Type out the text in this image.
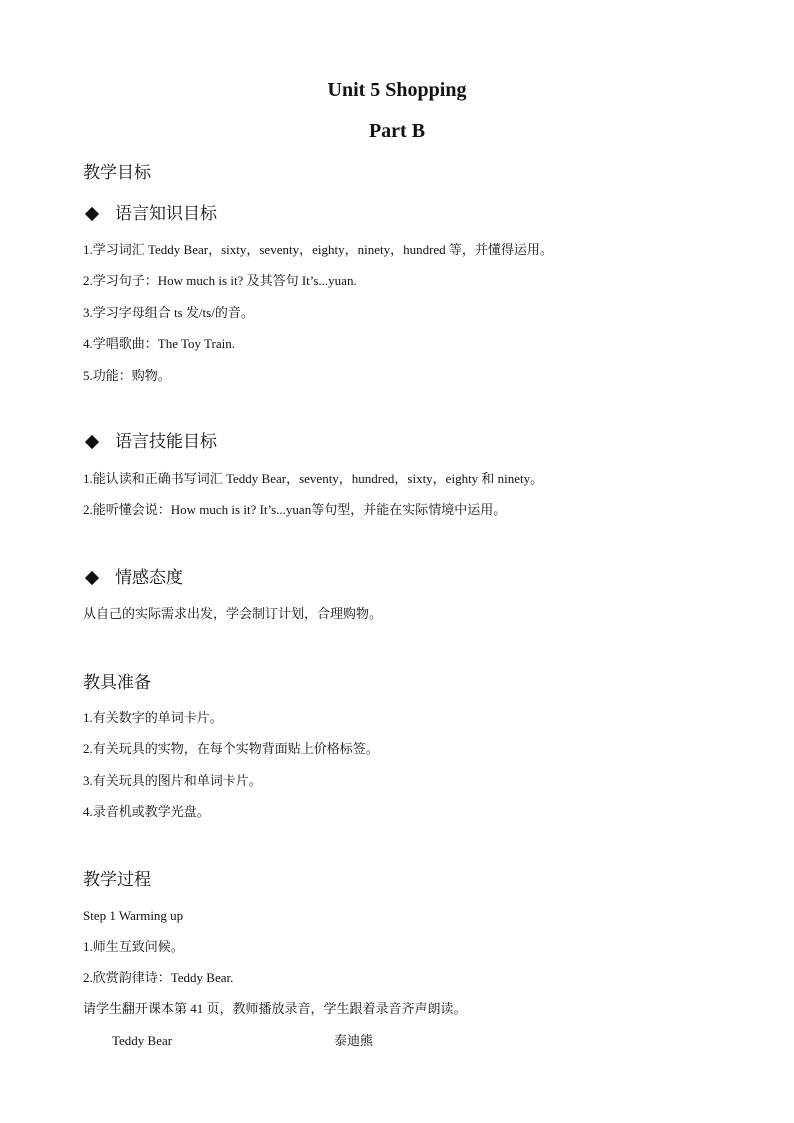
Unit 5 Shopping
Part B
教学目标
语言知识目标
1.学习词汇 Teddy Bear，sixty，seventy，eighty，ninety，hundred 等，并懂得运用。
2.学习句子：How much is it? 及其答句 It’s...yuan.
3.学习字母组合 ts 发/ts/的音。
4.学唱歌曲：The Toy Train.
5.功能：购物。
语言技能目标
1.能认读和正确书写词汇 Teddy Bear，seventy，hundred，sixty，eighty 和 ninety。
2.能听懂会说：How much is it? It’s...yuan等句型，并能在实际情境中运用。
情感态度
从自己的实际需求出发，学会制订计划，合理购物。
教具准备
1.有关数字的单词卡片。
2.有关玩具的实物，在每个实物背面贴上价格标签。
3.有关玩具的图片和单词卡片。
4.录音机或教学光盘。
教学过程
Step 1 Warming up
1.师生互致问候。
2.欣赏韵律诗：Teddy Bear.
请学生翻开课本第 41 页，教师播放录音，学生跟着录音齐声朗读。
Teddy Bear	泰迪熊
